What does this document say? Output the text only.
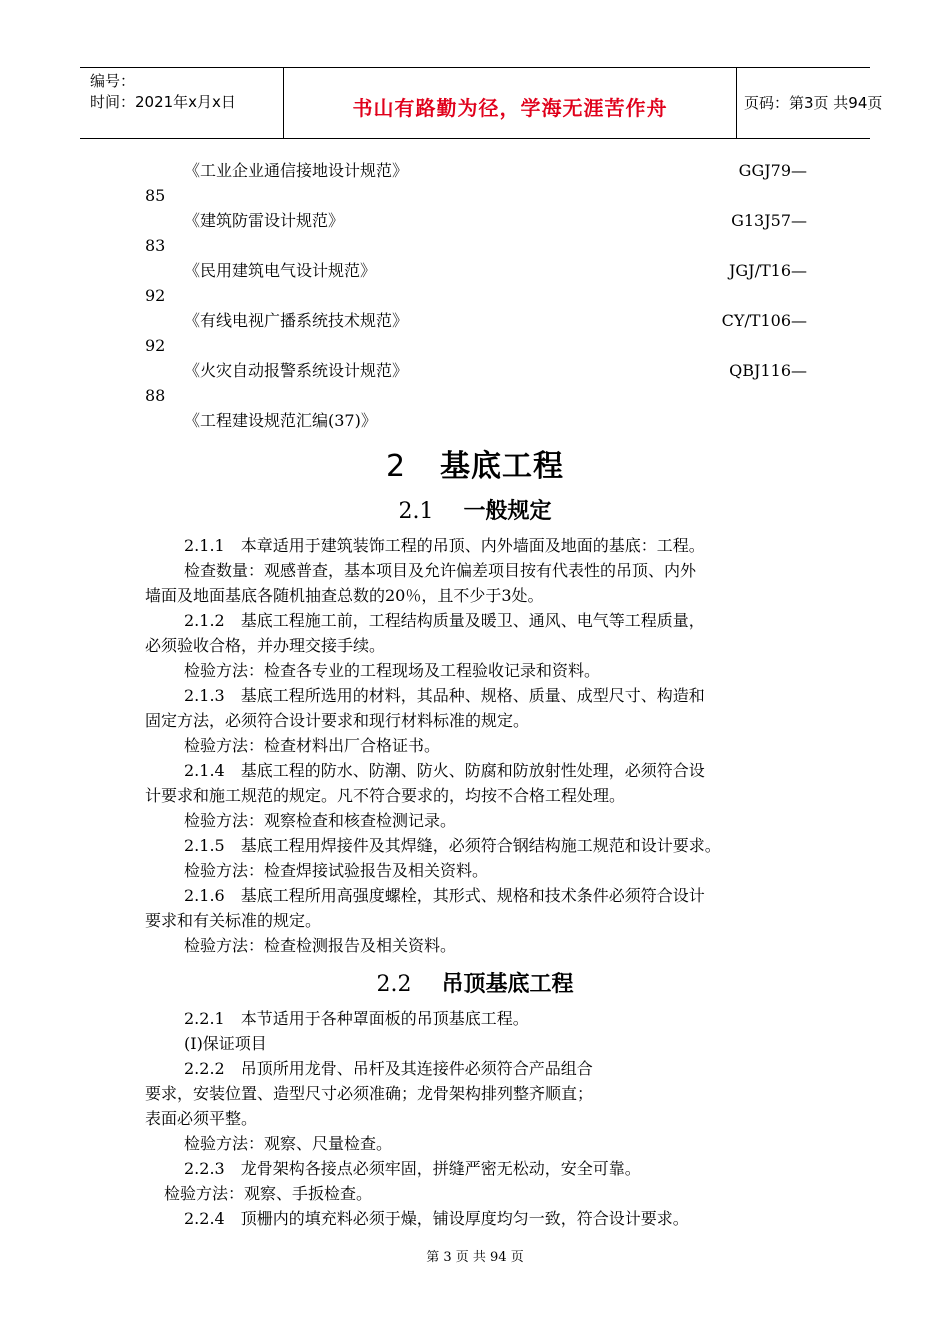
编号：
时间：2021年x月x日	书山有路勤为径，学海无涯苦作舟	页码：第3页 共94页
《工业企业通信接地设计规范》	GGJ79—
85
《建筑防雷设计规范》	G13J57—
83
《民用建筑电气设计规范》	JGJ/T16—
92
《有线电视广播系统技术规范》	CY/T106—
92
《火灾自动报警系统设计规范》	QBJ116—
88
《工程建设规范汇编(37)》
2 基底工程
2.1 一般规定
2.1.1　本章适用于建筑装饰工程的吊顶、内外墙面及地面的基底：工程。
检查数量：观感普查，基本项目及允许偏差项目按有代表性的吊顶、内外
墙面及地面基底各随机抽查总数的20％，且不少于3处。
2.1.2　基底工程施工前，工程结构质量及暖卫、通风、电气等工程质量，
必须验收合格，并办理交接手续。
检验方法：检查各专业的工程现场及工程验收记录和资料。
2.1.3　基底工程所选用的材料，其品种、规格、质量、成型尺寸、构造和
固定方法，必须符合设计要求和现行材料标准的规定。
检验方法：检查材料出厂合格证书。
2.1.4　基底工程的防水、防潮、防火、防腐和防放射性处理，必须符合设
计要求和施工规范的规定。凡不符合要求的，均按不合格工程处理。
检验方法：观察检查和核查检测记录。
2.1.5　基底工程用焊接件及其焊缝，必须符合钢结构施工规范和设计要求。
检验方法：检查焊接试验报告及相关资料。
2.1.6　基底工程所用高强度螺栓，其形式、规格和技术条件必须符合设计
要求和有关标准的规定。
检验方法：检查检测报告及相关资料。
2.2 吊顶基底工程
2.2.1　本节适用于各种罩面板的吊顶基底工程。
(Ⅰ)保证项目
2.2.2　吊顶所用龙骨、吊杆及其连接件必须符合产品组合
要求，安装位置、造型尺寸必须准确；龙骨架构排列整齐顺直；
表面必须平整。
检验方法：观察、尺量检查。
2.2.3　龙骨架构各接点必须牢固，拼缝严密无松动，安全可靠。
检验方法：观察、手扳检查。
2.2.4　顶栅内的填充料必须于燥，铺设厚度均匀一致，符合设计要求。
第 3 页 共 94 页
